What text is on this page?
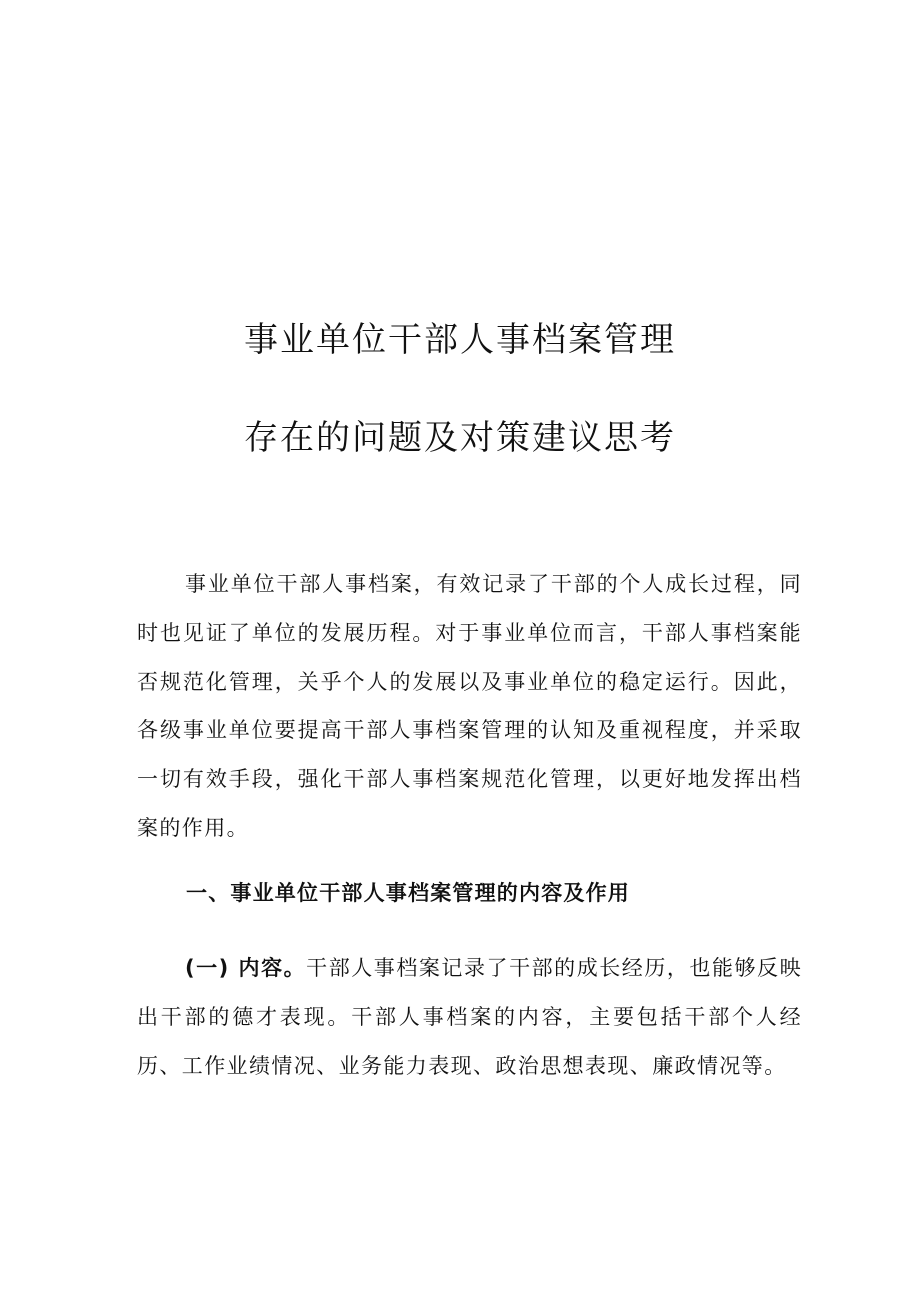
事业单位干部人事档案管理
存在的问题及对策建议思考

事业单位干部人事档案，有效记录了干部的个人成长过程，同时也见证了单位的发展历程。对于事业单位而言，干部人事档案能否规范化管理，关乎个人的发展以及事业单位的稳定运行。因此，各级事业单位要提高干部人事档案管理的认知及重视程度，并采取一切有效手段，强化干部人事档案规范化管理，以更好地发挥出档案的作用。

一、事业单位干部人事档案管理的内容及作用

(一) 内容。干部人事档案记录了干部的成长经历，也能够反映出干部的德才表现。干部人事档案的内容，主要包括干部个人经历、工作业绩情况、业务能力表现、政治思想表现、廉政情况等。
